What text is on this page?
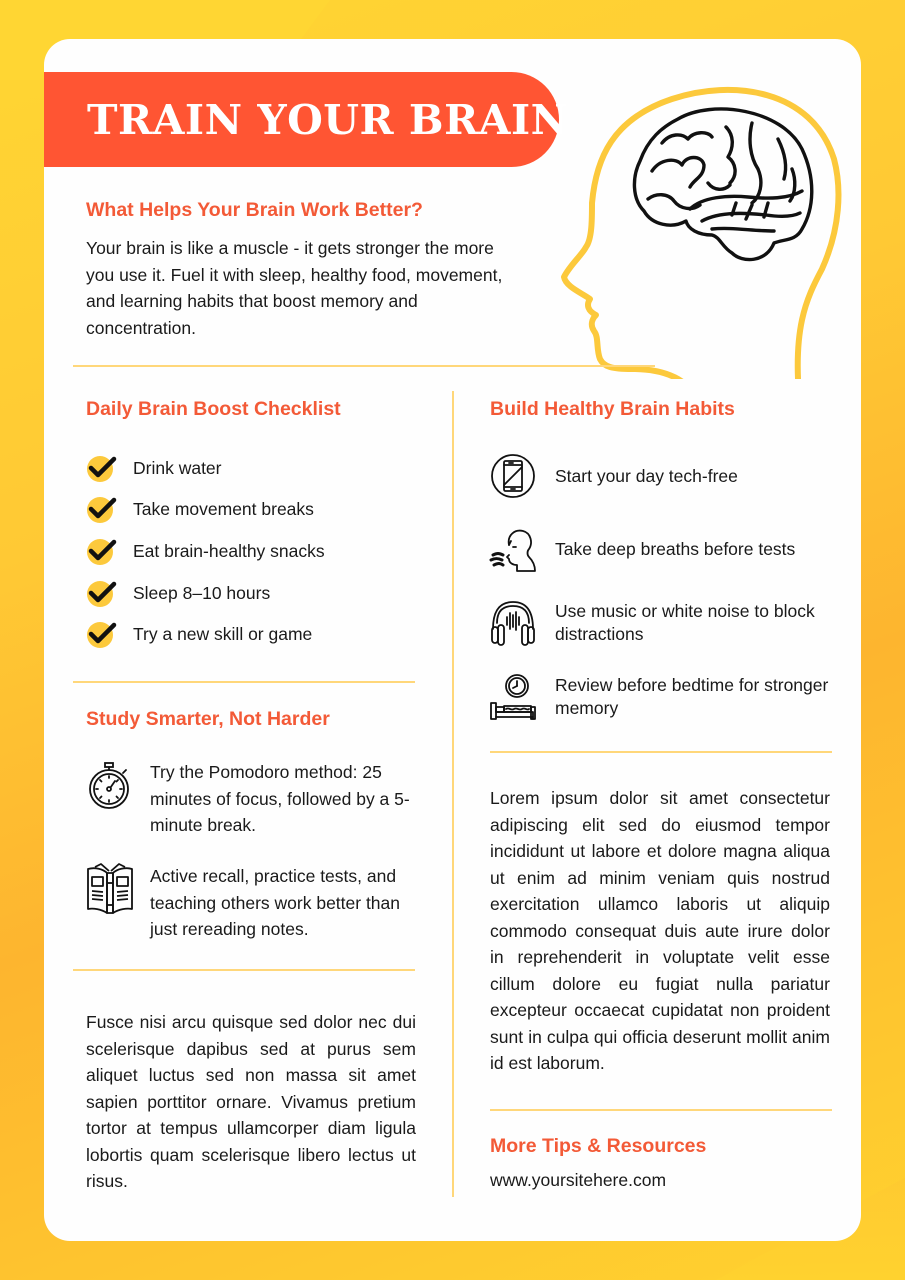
TRAIN YOUR BRAIN
What Helps Your Brain Work Better?
Your brain is like a muscle - it gets stronger the more you use it. Fuel it with sleep, healthy food, movement, and learning habits that boost memory and concentration.
Daily Brain Boost Checklist
Drink water
Take movement breaks
Eat brain-healthy snacks
Sleep 8–10 hours
Try a new skill or game
Study Smarter, Not Harder
Try the Pomodoro method: 25 minutes of focus, followed by a 5-minute break.
Active recall, practice tests, and teaching others work better than just rereading notes.
Fusce nisi arcu quisque sed dolor nec dui scelerisque dapibus sed at purus sem aliquet luctus sed non massa sit amet sapien porttitor ornare. Vivamus pretium tortor at tempus ullamcorper diam ligula lobortis quam scelerisque libero lectus ut risus.
Build Healthy Brain Habits
Start your day tech-free
Take deep breaths before tests
Use music or white noise to block distractions
Review before bedtime for stronger memory
Lorem ipsum dolor sit amet consectetur adipiscing elit sed do eiusmod tempor incididunt ut labore et dolore magna aliqua ut enim ad minim veniam quis nostrud exercitation ullamco laboris ut aliquip commodo consequat duis aute irure dolor in reprehenderit in voluptate velit esse cillum dolore eu fugiat nulla pariatur excepteur occaecat cupidatat non proident sunt in culpa qui officia deserunt mollit anim id est laborum.
More Tips & Resources
www.yoursitehere.com
